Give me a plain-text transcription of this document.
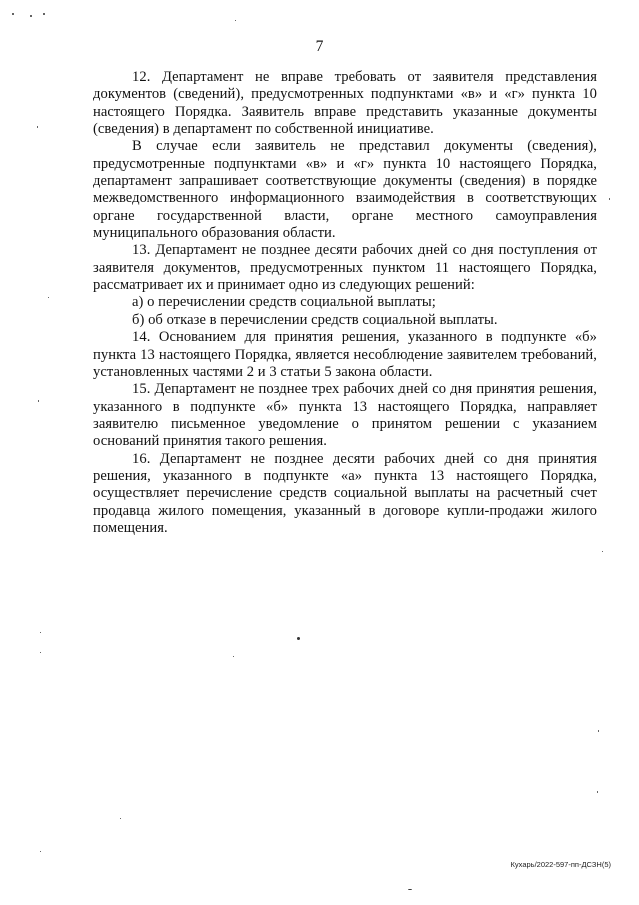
7

12. Департамент не вправе требовать от заявителя представления документов (сведений), предусмотренных подпунктами «в» и «г» пункта 10 настоящего Порядка. Заявитель вправе представить указанные документы (сведения) в департамент по собственной инициативе.

В случае если заявитель не представил документы (сведения), предусмотренные подпунктами «в» и «г» пункта 10 настоящего Порядка, департамент запрашивает соответствующие документы (сведения) в порядке межведомственного информационного взаимодействия в соответствующих органе государственной власти, органе местного самоуправления муниципального образования области.

13. Департамент не позднее десяти рабочих дней со дня поступления от заявителя документов, предусмотренных пунктом 11 настоящего Порядка, рассматривает их и принимает одно из следующих решений:

а) о перечислении средств социальной выплаты;

б) об отказе в перечислении средств социальной выплаты.

14. Основанием для принятия решения, указанного в подпункте «б» пункта 13 настоящего Порядка, является несоблюдение заявителем требований, установленных частями 2 и 3 статьи 5 закона области.

15. Департамент не позднее трех рабочих дней со дня принятия решения, указанного в подпункте «б» пункта 13 настоящего Порядка, направляет заявителю письменное уведомление о принятом решении с указанием оснований принятия такого решения.

16. Департамент не позднее десяти рабочих дней со дня принятия решения, указанного в подпункте «а» пункта 13 настоящего Порядка, осуществляет перечисление средств социальной выплаты на расчетный счет продавца жилого помещения, указанный в договоре купли-продажи жилого помещения.

Кухарь/2022-597-пп-ДСЗН(5)
